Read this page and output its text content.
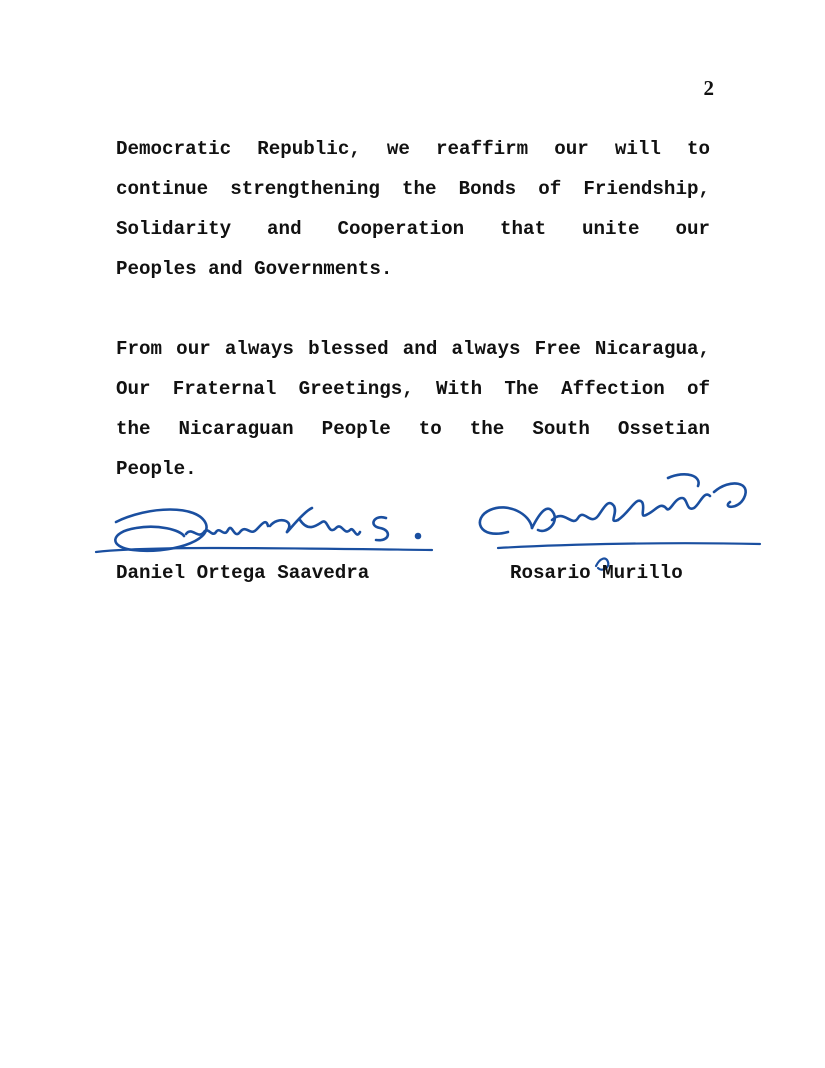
2

Democratic Republic, we reaffirm our will to
continue strengthening the Bonds of Friendship,
Solidarity and Cooperation that unite our
Peoples and Governments.

From our always blessed and always Free Nicaragua,
Our Fraternal Greetings, With The Affection of
the Nicaraguan People to the South Ossetian
People.

Daniel Ortega Saavedra	Rosario Murillo
